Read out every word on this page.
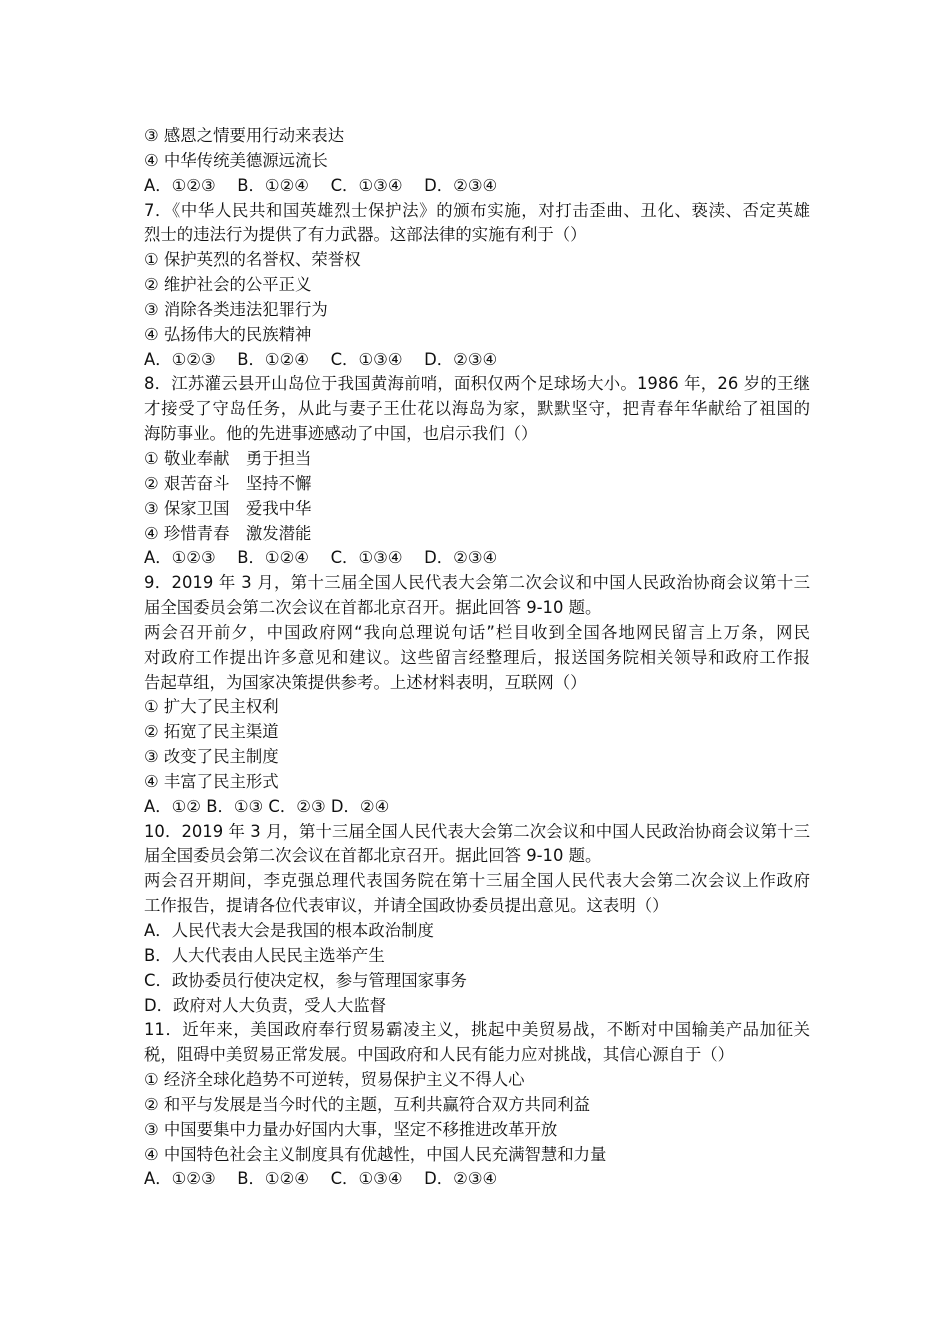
③ 感恩之情要用行动来表达
④ 中华传统美德源远流长
A．①②③　 B．①②④　 C．①③④　 D．②③④
7．《中华人民共和国英雄烈士保护法》的颁布实施，对打击歪曲、丑化、亵渎、否定英雄
烈士的违法行为提供了有力武器。这部法律的实施有利于（）
① 保护英烈的名誉权、荣誉权
② 维护社会的公平正义
③ 消除各类违法犯罪行为
④ 弘扬伟大的民族精神
A．①②③　 B．①②④　 C．①③④　 D．②③④
8．江苏灌云县开山岛位于我国黄海前哨，面积仅两个足球场大小。1986 年，26 岁的王继
才接受了守岛任务，从此与妻子王仕花以海岛为家，默默坚守，把青春年华献给了祖国的
海防事业。他的先进事迹感动了中国，也启示我们（）
① 敬业奉献　勇于担当
② 艰苦奋斗　坚持不懈
③ 保家卫国　爱我中华
④ 珍惜青春　激发潜能
A．①②③　 B．①②④　 C．①③④　 D．②③④
9．2019 年 3 月，第十三届全国人民代表大会第二次会议和中国人民政治协商会议第十三
届全国委员会第二次会议在首都北京召开。据此回答 9-10 题。
两会召开前夕，中国政府网“我向总理说句话”栏目收到全国各地网民留言上万条，网民
对政府工作提出许多意见和建议。这些留言经整理后，报送国务院相关领导和政府工作报
告起草组，为国家决策提供参考。上述材料表明，互联网（）
① 扩大了民主权利
② 拓宽了民主渠道
③ 改变了民主制度
④ 丰富了民主形式
A．①② B．①③ C．②③ D．②④
10．2019 年 3 月，第十三届全国人民代表大会第二次会议和中国人民政治协商会议第十三
届全国委员会第二次会议在首都北京召开。据此回答 9-10 题。
两会召开期间，李克强总理代表国务院在第十三届全国人民代表大会第二次会议上作政府
工作报告，提请各位代表审议，并请全国政协委员提出意见。这表明（）
A．人民代表大会是我国的根本政治制度
B．人大代表由人民民主选举产生
C．政协委员行使决定权，参与管理国家事务
D．政府对人大负责，受人大监督
11．近年来，美国政府奉行贸易霸凌主义，挑起中美贸易战，不断对中国输美产品加征关
税，阻碍中美贸易正常发展。中国政府和人民有能力应对挑战，其信心源自于（）
① 经济全球化趋势不可逆转，贸易保护主义不得人心
② 和平与发展是当今时代的主题，互利共赢符合双方共同利益
③ 中国要集中力量办好国内大事，坚定不移推进改革开放
④ 中国特色社会主义制度具有优越性，中国人民充满智慧和力量
A．①②③　 B．①②④　 C．①③④　 D．②③④
